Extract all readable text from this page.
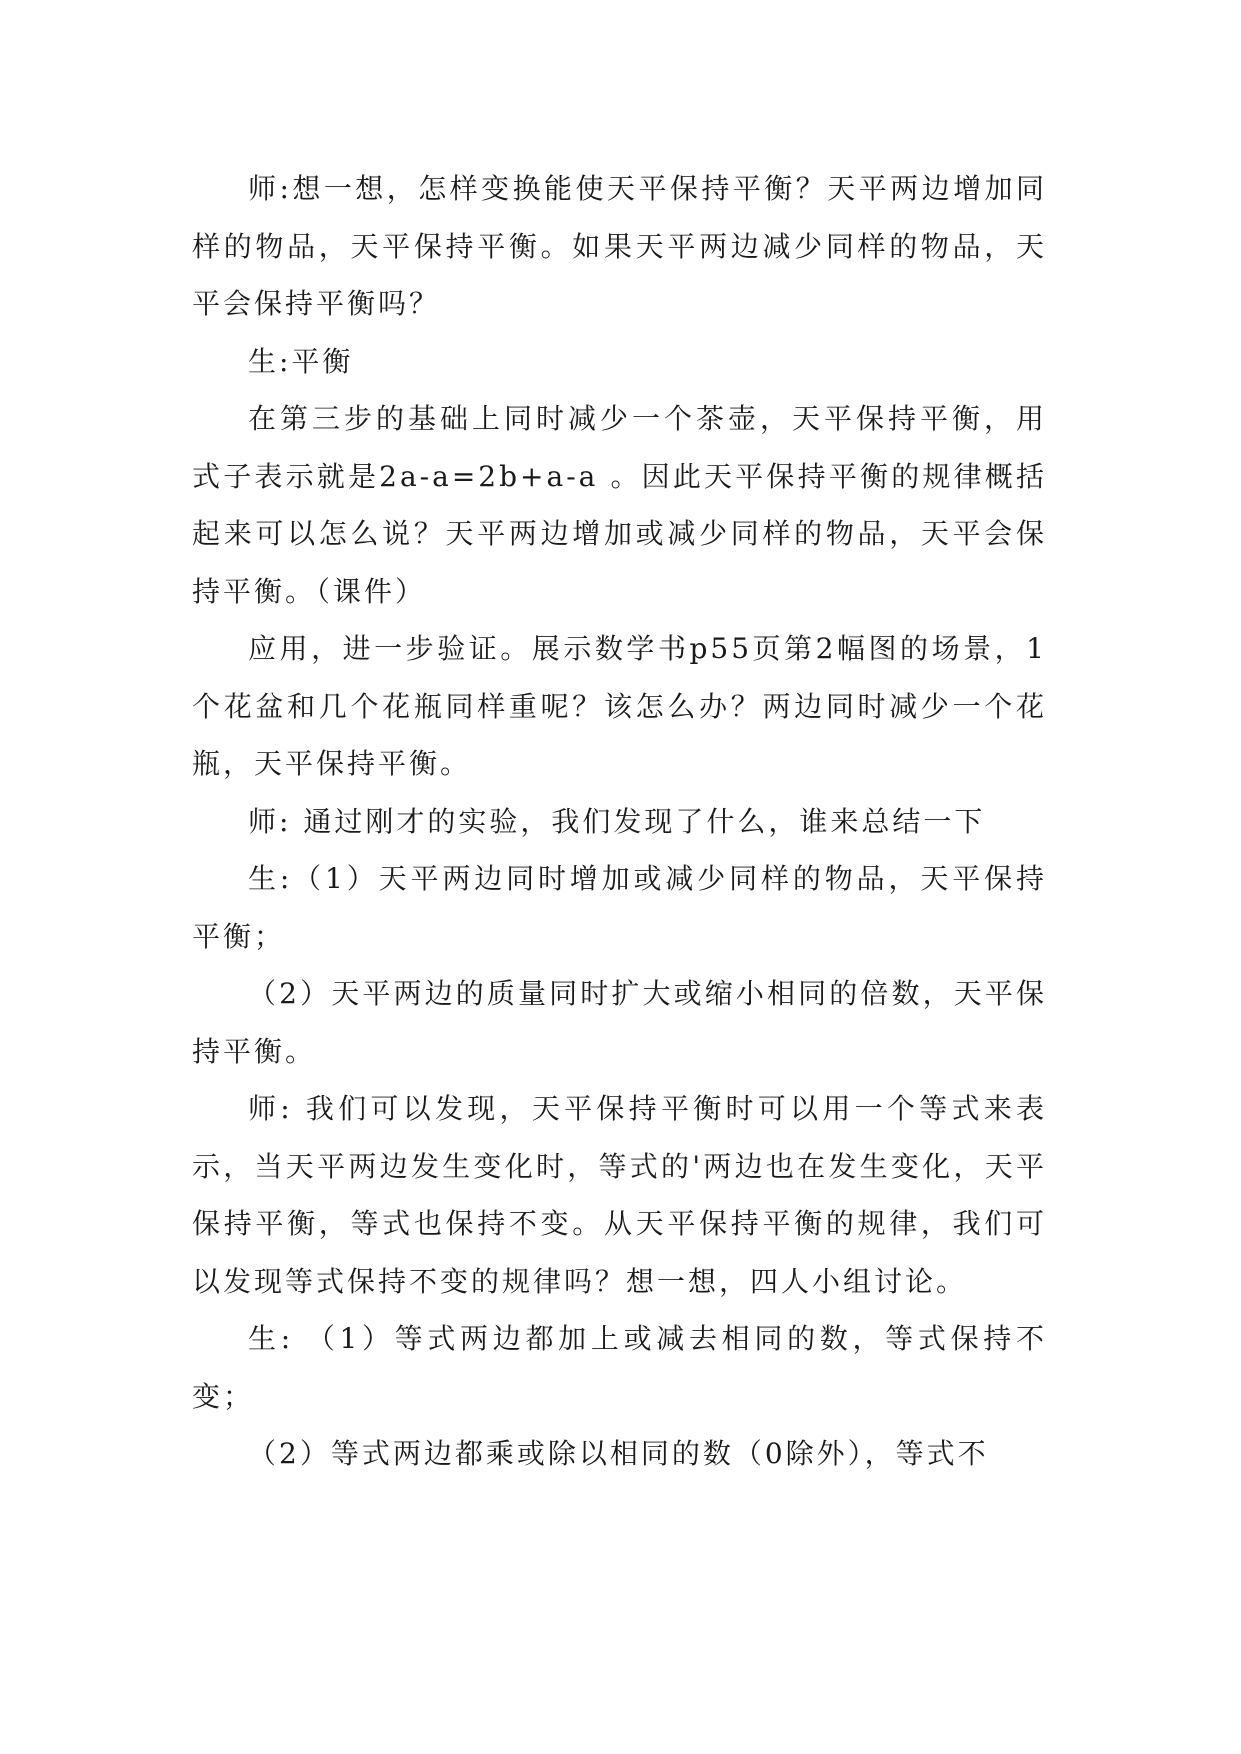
师:想一想，怎样变换能使天平保持平衡？天平两边增加同样的物品，天平保持平衡。如果天平两边减少同样的物品，天平会保持平衡吗？

生:平衡

在第三步的基础上同时减少一个茶壶，天平保持平衡，用式子表示就是2a-a=2b+a-a 。因此天平保持平衡的规律概括起来可以怎么说？天平两边增加或减少同样的物品，天平会保持平衡。（课件）

应用，进一步验证。展示数学书p55页第2幅图的场景，1个花盆和几个花瓶同样重呢？该怎么办？两边同时减少一个花瓶，天平保持平衡。

师: 通过刚才的实验，我们发现了什么，谁来总结一下

生:（1）天平两边同时增加或减少同样的物品，天平保持平衡；

（2）天平两边的质量同时扩大或缩小相同的倍数，天平保持平衡。

师: 我们可以发现，天平保持平衡时可以用一个等式来表示，当天平两边发生变化时，等式的'两边也在发生变化，天平保持平衡，等式也保持不变。从天平保持平衡的规律，我们可以发现等式保持不变的规律吗？想一想，四人小组讨论。

生: （1）等式两边都加上或减去相同的数，等式保持不变；

（2）等式两边都乘或除以相同的数（0除外），等式不
